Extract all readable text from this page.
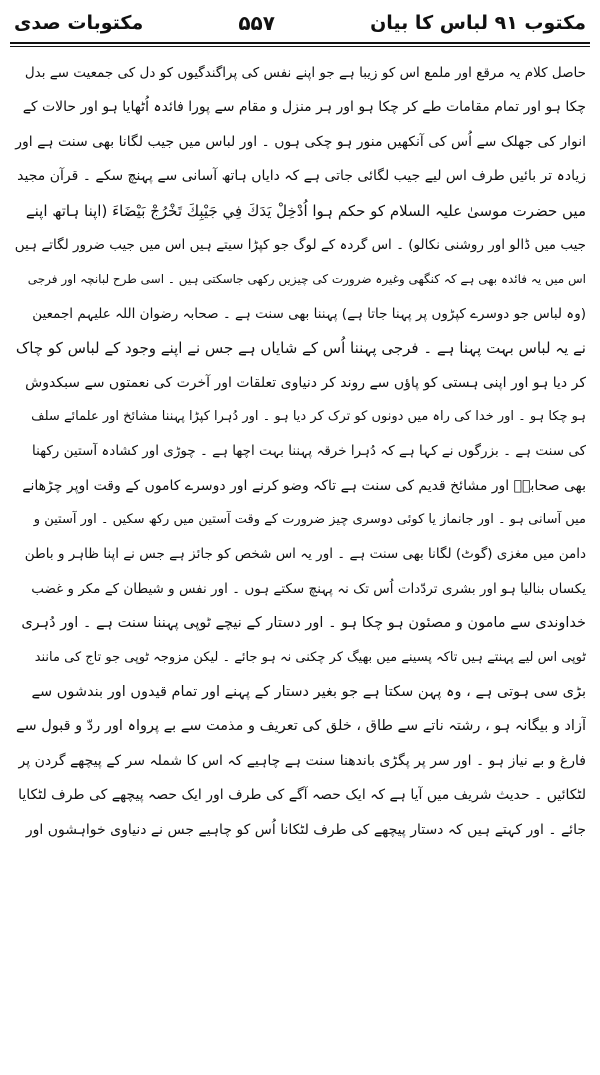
مکتوبات صدی	۵۵۷	مکتوب ۹۱ لباس کا بیان
حاصل کلام یہ مرقع اور ملمع اس کو زیبا ہے جو اپنے نفس کی پراگندگیوں کو دل کی جمعیت سے بدل
چکا ہو اور تمام مقامات طے کر چکا ہو اور ہر منزل و مقام سے پورا فائدہ اُٹھایا ہو اور حالات کے
انوار کی جھلک سے اُس کی آنکھیں منور ہو چکی ہوں ۔ اور لباس میں جیب لگانا بھی سنت ہے اور
زیادہ تر بائیں طرف اس لیے جیب لگائی جاتی ہے کہ دایاں ہاتھ آسانی سے پہنچ سکے ۔ قرآن مجید
میں حضرت موسیٰ علیہ السلام کو حکم ہوا اُدْخِلْ یَدَكَ فِي جَيْبِكَ تَخْرُجْ بَيْضَاءَ (اپنا ہاتھ اپنے
جیب میں ڈالو اور روشنی نکالو) ۔ اس گردہ کے لوگ جو کپڑا سیتے ہیں اس میں جیب ضرور لگاتے ہیں
اس میں یہ فائدہ بھی ہے کہ کنگھی وغیرہ ضرورت کی چیزیں رکھی جاسکتی ہیں ۔ اسی طرح لبانچہ اور فرجی
(وہ لباس جو دوسرے کپڑوں پر پہنا جاتا ہے) پہننا بھی سنت ہے ۔ صحابہ رضوان اللہ علیہم اجمعین
نے یہ لباس بہت پہنا ہے ۔ فرجی پہننا اُس کے شایاں ہے جس نے اپنے وجود کے لباس کو چاک
کر دیا ہو اور اپنی ہستی کو پاؤں سے روند کر دنیاوی تعلقات اور آخرت کی نعمتوں سے سبکدوش
ہو چکا ہو ۔ اور خدا کی راہ میں دونوں کو ترک کر دیا ہو ۔ اور دُہرا کپڑا پہننا مشائخ اور علمائے سلف
کی سنت ہے ۔ بزرگوں نے کہا ہے کہ دُہرا خرقہ پہننا بہت اچھا ہے ۔ چوڑی اور کشادہ آستین رکھنا
بھی صحابہؓ اور مشائخ قدیم کی سنت ہے تاکہ وضو کرنے اور دوسرے کاموں کے وقت اوپر چڑھانے
میں آسانی ہو ۔ اور جانماز یا کوئی دوسری چیز ضرورت کے وقت آستین میں رکھ سکیں ۔ اور آستین و
دامن میں مغزی (گوٹ) لگانا بھی سنت ہے ۔ اور یہ اس شخص کو جائز ہے جس نے اپنا ظاہر و باطن
یکساں بنالیا ہو اور بشری تردّدات اُس تک نہ پہنچ سکتے ہوں ۔ اور نفس و شیطان کے مکر و غضب
خداوندی سے مامون و مصئون ہو چکا ہو ۔ اور دستار کے نیچے ٹوپی پہننا سنت ہے ۔ اور دُہری
ٹوپی اس لیے پہنتے ہیں تاکہ پسینے میں بھیگ کر چکنی نہ ہو جائے ۔ لیکن مزوجہ ٹوپی جو تاج کی مانند
بڑی سی ہوتی ہے ، وہ پہن سکتا ہے جو بغیر دستار کے پہنے اور تمام قیدوں اور بندشوں سے
آزاد و بیگانہ ہو ، رشتہ ناتے سے طاق ، خلق کی تعریف و مذمت سے بے پرواہ اور ردّ و قبول سے
فارغ و بے نیاز ہو ۔ اور سر پر پگڑی باندھنا سنت ہے چاہیے کہ اس کا شملہ سر کے پیچھے گردن پر
لٹکائیں ۔ حدیث شریف میں آیا ہے کہ ایک حصہ آگے کی طرف اور ایک حصہ پیچھے کی طرف لٹکایا
جائے ۔ اور کہتے ہیں کہ دستار پیچھے کی طرف لٹکانا اُس کو چاہیے جس نے دنیاوی خواہشوں اور
